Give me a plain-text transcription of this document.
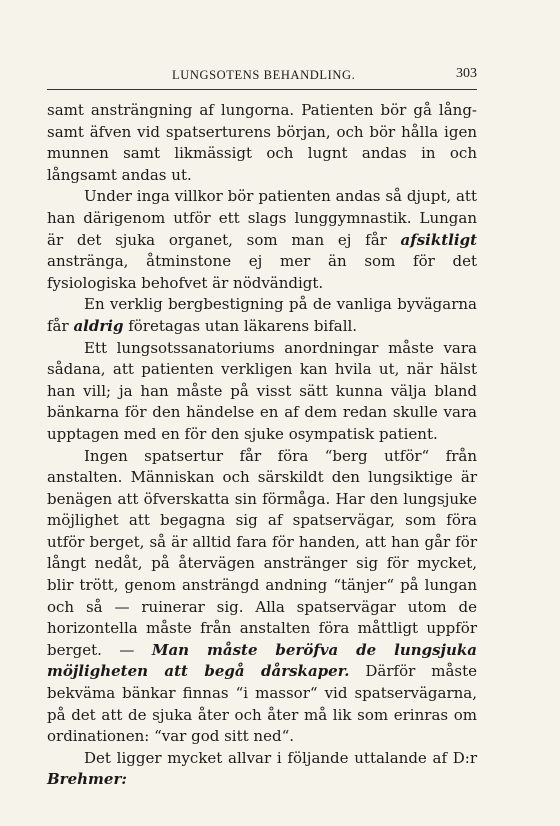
LUNGSOTENS BEHANDLING.	303

samt ansträngning af lungorna. Patienten bör gå långsamt äfven vid spatserturens början, och bör hålla igen munnen samt likmässigt och lugnt andas in och långsamt andas ut.

Under inga villkor bör patienten andas så djupt, att han därigenom utför ett slags lunggymnastik. Lungan är det sjuka organet, som man ej får afsiktligt anstränga, åtminstone ej mer än som för det fysiologiska behofvet är nödvändigt.

En verklig bergbestigning på de vanliga byvägarna får aldrig företagas utan läkarens bifall.

Ett lungsotssanatoriums anordningar måste vara sådana, att patienten verkligen kan hvila ut, när hälst han vill; ja han måste på visst sätt kunna välja bland bänkarna för den händelse en af dem redan skulle vara upptagen med en för den sjuke osympatisk patient.

Ingen spatsertur får föra “berg utför“ från anstalten. Människan och särskildt den lungsiktige är benägen att öfverskatta sin förmåga. Har den lungsjuke möjlighet att begagna sig af spatservägar, som föra utför berget, så är alltid fara för handen, att han går för långt nedåt, på återvägen anstränger sig för mycket, blir trött, genom ansträngd andning “tänjer“ på lungan och så — ruinerar sig. Alla spatservägar utom de horizontella måste från anstalten föra måttligt uppför berget. — Man måste beröfva de lungsjuka möjligheten att begå dårskaper. Därför måste bekväma bänkar finnas “i massor“ vid spatservägarna, på det att de sjuka åter och åter må lik som erinras om ordinationen: “var god sitt ned“.

Det ligger mycket allvar i följande uttalande af D:r Brehmer:
